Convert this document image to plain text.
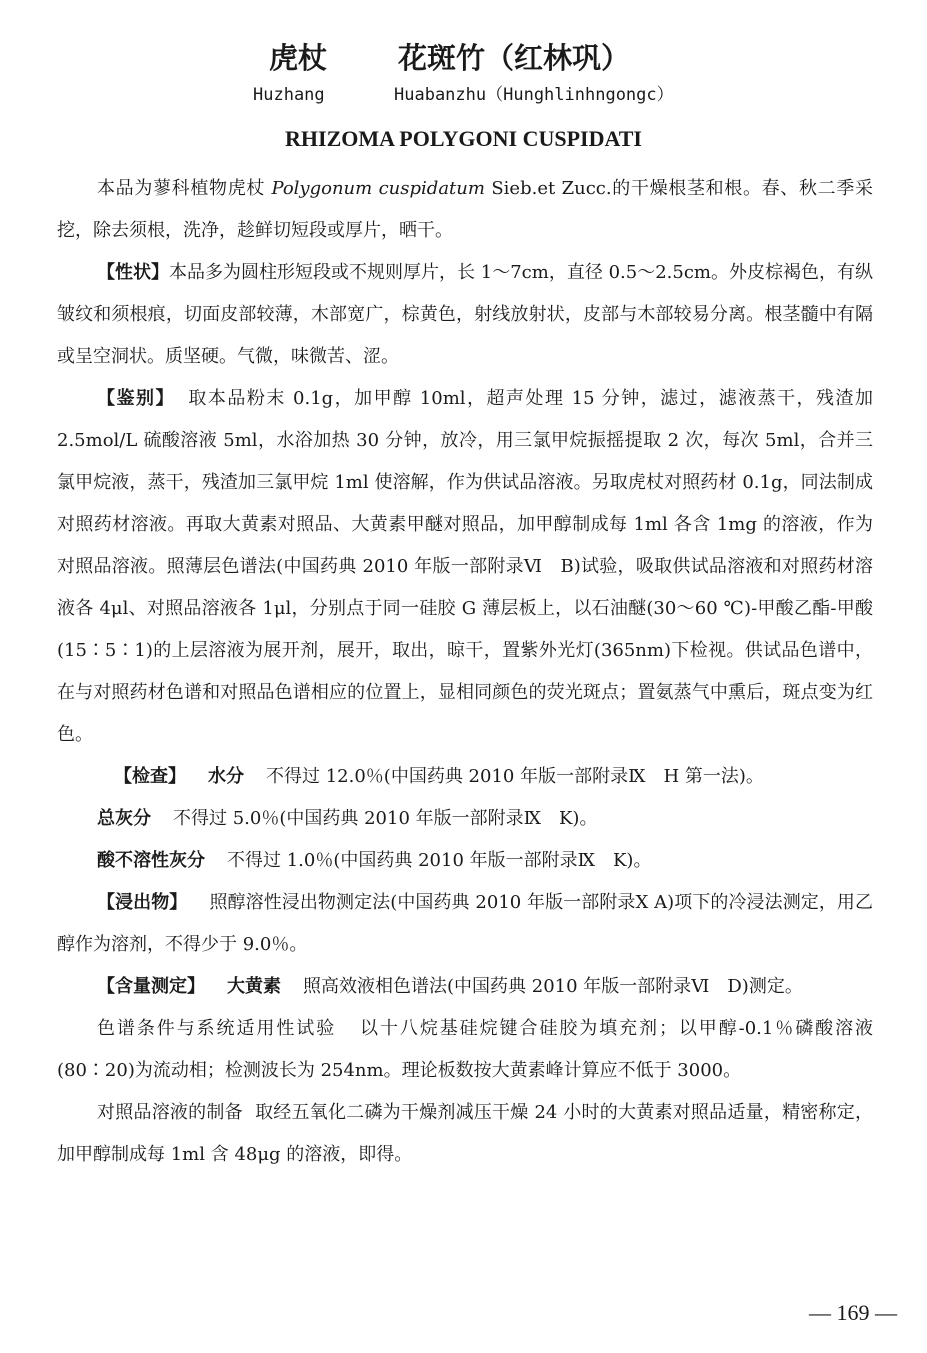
虎杖 花斑竹（红林巩）
Huzhang	Huabanzhu（Hunghlinhngongc）
RHIZOMA POLYGONI CUSPIDATI

本品为蓼科植物虎杖 Polygonum cuspidatum Sieb.et Zucc.的干燥根茎和根。春、秋二季采挖，除去须根，洗净，趁鲜切短段或厚片，晒干。

【性状】本品多为圆柱形短段或不规则厚片，长 1～7cm，直径 0.5～2.5cm。外皮棕褐色，有纵皱纹和须根痕，切面皮部较薄，木部宽广，棕黄色，射线放射状，皮部与木部较易分离。根茎髓中有隔或呈空洞状。质坚硬。气微，味微苦、涩。

【鉴别】 取本品粉末 0.1g，加甲醇 10ml，超声处理 15 分钟，滤过，滤液蒸干，残渣加 2.5mol/L 硫酸溶液 5ml，水浴加热 30 分钟，放冷，用三氯甲烷振摇提取 2 次，每次 5ml，合并三氯甲烷液，蒸干，残渣加三氯甲烷 1ml 使溶解，作为供试品溶液。另取虎杖对照药材 0.1g，同法制成对照药材溶液。再取大黄素对照品、大黄素甲醚对照品，加甲醇制成每 1ml 各含 1mg 的溶液，作为对照品溶液。照薄层色谱法(中国药典 2010 年版一部附录Ⅵ　B)试验，吸取供试品溶液和对照药材溶液各 4μl、对照品溶液各 1μl，分别点于同一硅胶 G 薄层板上，以石油醚(30～60 ℃)-甲酸乙酯-甲酸(15∶5∶1)的上层溶液为展开剂，展开，取出，晾干，置紫外光灯(365nm)下检视。供试品色谱中，在与对照药材色谱和对照品色谱相应的位置上，显相同颜色的荧光斑点；置氨蒸气中熏后，斑点变为红色。

【检查】 水分 不得过 12.0％(中国药典 2010 年版一部附录Ⅸ　H 第一法)。

总灰分 不得过 5.0％(中国药典 2010 年版一部附录Ⅸ　K)。

酸不溶性灰分 不得过 1.0％(中国药典 2010 年版一部附录Ⅸ　K)。

【浸出物】 照醇溶性浸出物测定法(中国药典 2010 年版一部附录Ⅹ A)项下的冷浸法测定，用乙醇作为溶剂，不得少于 9.0％。

【含量测定】 大黄素 照高效液相色谱法(中国药典 2010 年版一部附录Ⅵ　D)测定。

色谱条件与系统适用性试验 以十八烷基硅烷键合硅胶为填充剂；以甲醇-0.1％磷酸溶液(80∶20)为流动相；检测波长为 254nm。理论板数按大黄素峰计算应不低于 3000。

对照品溶液的制备 取经五氧化二磷为干燥剂减压干燥 24 小时的大黄素对照品适量，精密称定，加甲醇制成每 1ml 含 48μg 的溶液，即得。

— 169 —
